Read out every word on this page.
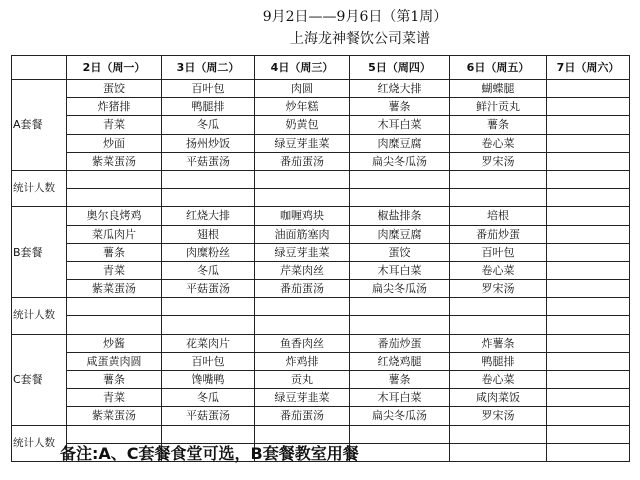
9月2日——9月6日（第1周）
上海龙神餐饮公司菜谱
	2日（周一）	3日（周二）	4日（周三）	5日（周四）	6日（周五）	7日（周六）
A套餐	蛋饺	百叶包	肉圆	红烧大排	蝴蝶腿	
	炸猪排	鸭腿排	炒年糕	薯条	鲜汁贡丸	
	青菜	冬瓜	奶黄包	木耳白菜	薯条	
	炒面	扬州炒饭	绿豆芽韭菜	肉糜豆腐	卷心菜	
	紫菜蛋汤	平菇蛋汤	番茄蛋汤	扁尖冬瓜汤	罗宋汤	
统计人数						

B套餐	奥尔良烤鸡	红烧大排	咖喱鸡块	椒盐排条	培根	
	菜瓜肉片	翅根	油面筋塞肉	肉糜豆腐	番茄炒蛋	
	薯条	肉糜粉丝	绿豆芽韭菜	蛋饺	百叶包	
	青菜	冬瓜	芹菜肉丝	木耳白菜	卷心菜	
	紫菜蛋汤	平菇蛋汤	番茄蛋汤	扁尖冬瓜汤	罗宋汤	
统计人数						

C套餐	炒酱	花菜肉片	鱼香肉丝	番茄炒蛋	炸薯条	
	咸蛋黄肉圆	百叶包	炸鸡排	红烧鸡腿	鸭腿排	
	薯条	馋嘴鸭	贡丸	薯条	卷心菜	
	青菜	冬瓜	绿豆芽韭菜	木耳白菜	咸肉菜饭	
	紫菜蛋汤	平菇蛋汤	番茄蛋汤	扁尖冬瓜汤	罗宋汤	
统计人数						

备注:A、C套餐食堂可选，B套餐教室用餐
